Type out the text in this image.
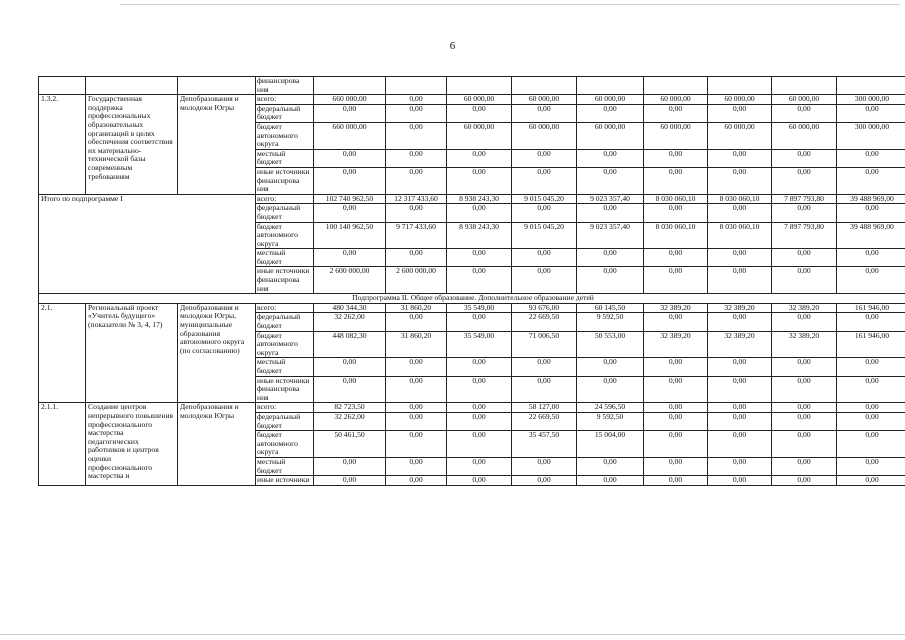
6
			финансирова ния									
1.3.2.	Государственная поддержка профессиональных образовательных организаций в целях обеспечения соответствия их материально-технической базы современным требованиям	Депобразования и молодежи Югры	всего:	660 000,00	0,00	60 000,00	60 000,00	60 000,00	60 000,00	60 000,00	60 000,00	300 000,00
			федеральный бюджет	0,00	0,00	0,00	0,00	0,00	0,00	0,00	0,00	0,00
			бюджет автономного округа	660 000,00	0,00	60 000,00	60 000,00	60 000,00	60 000,00	60 000,00	60 000,00	300 000,00
			местный бюджет	0,00	0,00	0,00	0,00	0,00	0,00	0,00	0,00	0,00
			иные источники финансирова ния	0,00	0,00	0,00	0,00	0,00	0,00	0,00	0,00	0,00
Итого по подпрограмме I			всего:	102 740 962,50	12 317 433,60	8 938 243,30	9 015 045,20	9 023 357,40	8 030 060,10	8 030 060,10	7 897 793,80	39 488 969,00
			федеральный бюджет	0,00	0,00	0,00	0,00	0,00	0,00	0,00	0,00	0,00
			бюджет автономного округа	100 140 962,50	9 717 433,60	8 938 243,30	9 015 045,20	9 023 357,40	8 030 060,10	8 030 060,10	7 897 793,80	39 488 969,00
			местный бюджет	0,00	0,00	0,00	0,00	0,00	0,00	0,00	0,00	0,00
			иные источники финансирова ния	2 600 000,00	2 600 000,00	0,00	0,00	0,00	0,00	0,00	0,00	0,00
Подпрограмма II. Общее образование. Дополнительное образование детей												
2.1.	Региональный проект «Учитель будущего» (показатели № 3, 4, 17)	Депобразования и молодежи Югры, муниципальные образования автономного округа (по согласованию)	всего:	480 344,30	31 860,20	35 549,00	93 676,00	60 145,50	32 389,20	32 389,20	32 389,20	161 946,00
			федеральный бюджет	32 262,00	0,00	0,00	22 669,50	9 592,50	0,00	0,00	0,00	0,00
			бюджет автономного округа	448 082,30	31 860,20	35 549,00	71 006,50	50 553,00	32 389,20	32 389,20	32 389,20	161 946,00
			местный бюджет	0,00	0,00	0,00	0,00	0,00	0,00	0,00	0,00	0,00
			иные источники финансирова ния	0,00	0,00	0,00	0,00	0,00	0,00	0,00	0,00	0,00
2.1.1.	Создание центров непрерывного повышения профессионального мастерства педагогических работников и центров оценки профессионального мастерства и	Депобразования и молодежи Югры	всего:	82 723,50	0,00	0,00	58 127,00	24 596,50	0,00	0,00	0,00	0,00
			федеральный бюджет	32 262,00	0,00	0,00	22 669,50	9 592,50	0,00	0,00	0,00	0,00
			бюджет автономного округа	50 461,50	0,00	0,00	35 457,50	15 004,00	0,00	0,00	0,00	0,00
			местный бюджет	0,00	0,00	0,00	0,00	0,00	0,00	0,00	0,00	0,00
			иные источники	0,00	0,00	0,00	0,00	0,00	0,00	0,00	0,00	0,00
